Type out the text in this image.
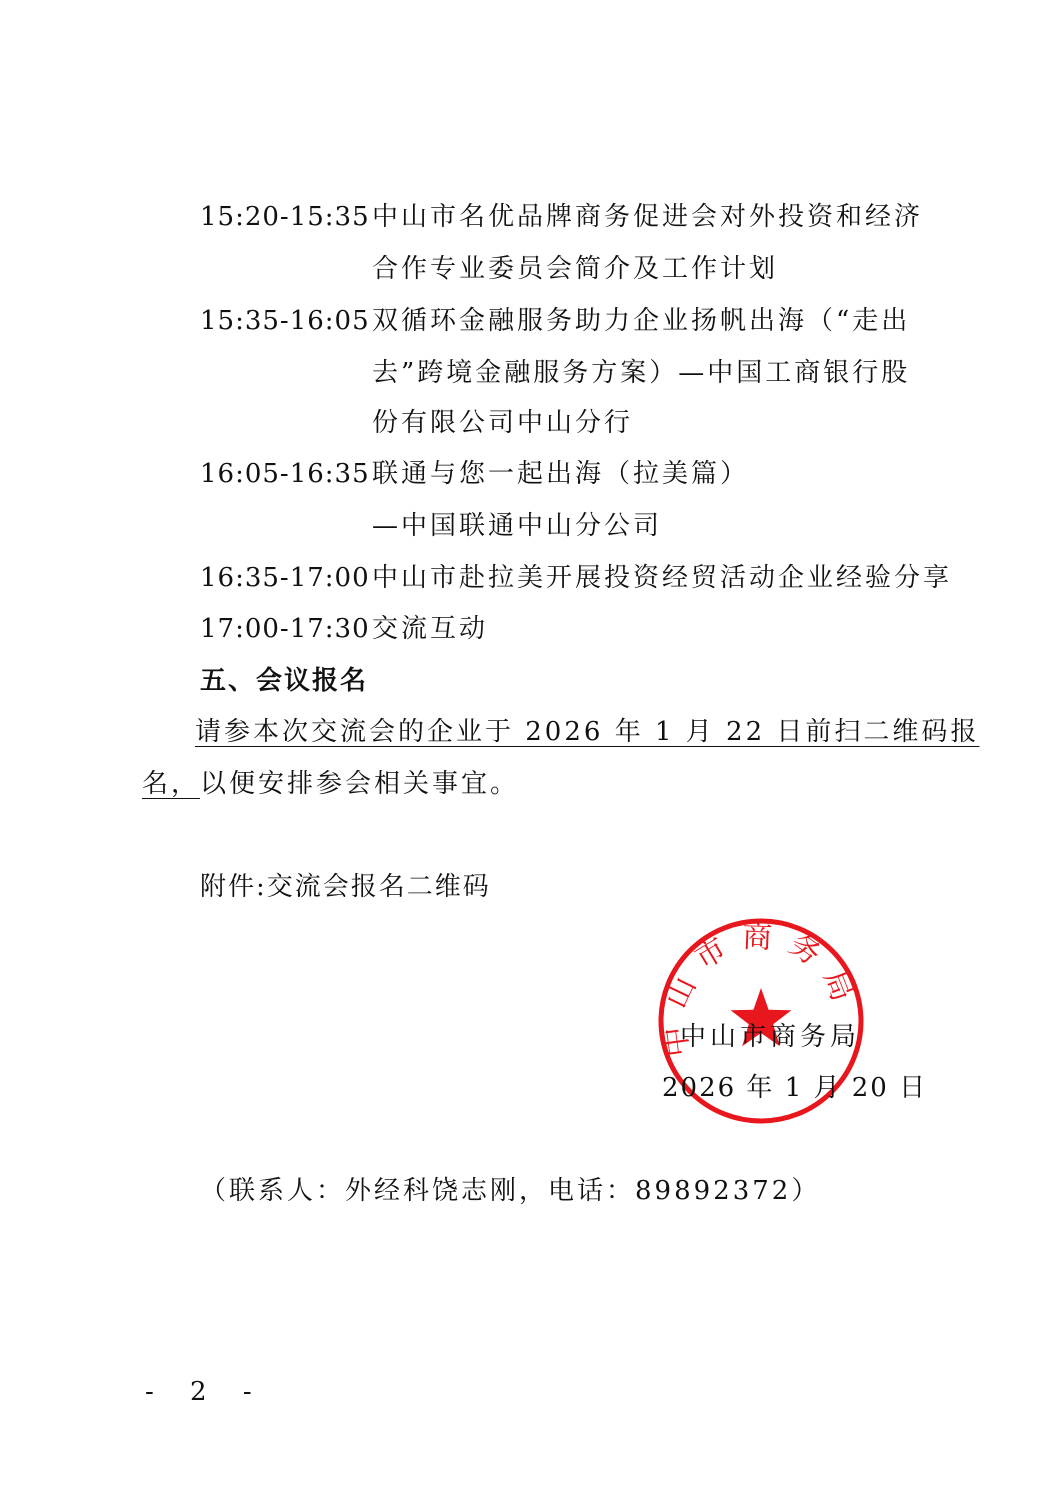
15:20-15:35 中山市名优品牌商务促进会对外投资和经济
合作专业委员会简介及工作计划
15:35-16:05 双循环金融服务助力企业扬帆出海（“走出
去”跨境金融服务方案）—中国工商银行股
份有限公司中山分行
16:05-16:35 联通与您一起出海（拉美篇）
—中国联通中山分公司
16:35-17:00 中山市赴拉美开展投资经贸活动企业经验分享
17:00-17:30 交流互动
五、会议报名
请参本次交流会的企业于 2026 年 1 月 22 日前扫二维码报
名，以便安排参会相关事宜。
附件:交流会报名二维码
中山市商务局
中山市商务局
2026 年 1 月 20 日
（联系人：外经科饶志刚，电话：89892372）
- 2 -
